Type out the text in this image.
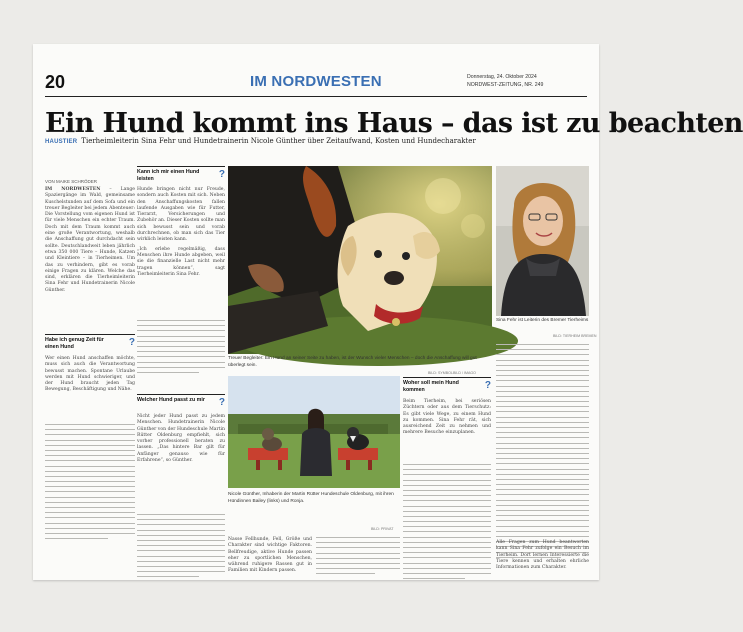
20	IM NORDWESTEN	Donnerstag, 24. Oktober 2024
NORDWEST-ZEITUNG, NR. 249
Ein Hund kommt ins Haus – das ist zu beachten
HAUSTIER Tierheimleiterin Sina Fehr und Hundetrainerin Nicole Günther über Zeitaufwand, Kosten und Hundecharakter
VON MAIKE SCHRÖDER

IM NORDWESTEN – Lange Spaziergänge im Wald, gemeinsame Kuschelstunden auf dem Sofa und ein treuer Begleiter bei jedem Abenteuer: Die Vorstellung vom eigenen Hund ist für viele Menschen ein echter Traum. Doch mit dem Traum kommt auch eine große Verantwortung, weshalb die Anschaffung gut durchdacht sein sollte. Deutschlandweit leben jährlich etwa 350 000 Tiere – Hunde, Katzen und Kleintiere – in Tierheimen. Um das zu verhindern, gibt es vorab einige Fragen zu klären. Welche das sind, erklären die Tierheimleiterin Sina Fehr und Hundetrainerin Nicole Günther.

Habe ich genug Zeit für einen Hund	?

Wer einen Hund anschaffen möchte, muss sich auch die Verantwortung bewusst machen. Spontane Urlaube werden mit Hund schwieriger, und der Hund braucht jeden Tag Bewegung, Beschäftigung und Nähe.

Kann ich mir einen Hund leisten	?

Hunde bringen nicht nur Freude, sondern auch Kosten mit sich. Neben den Anschaffungskosten fallen laufende Ausgaben wie für Futter, Tierarzt, Versicherungen und Zubehör an. Dieser Kosten sollte man sich bewusst sein und vorab durchrechnen, ob man sich das Tier wirklich leisten kann.

„Ich erlebe regelmäßig, dass Menschen ihre Hunde abgeben, weil sie die finanzielle Last nicht mehr tragen können“, sagt Tierheimleiterin Sina Fehr.

Treuer Begleiter: Ein Hund an seiner Seite zu haben, ist der Wunsch vieler Menschen – doch die Anschaffung will gut überlegt sein.
BILD: SYMBOLBILD / IMAGO
Sina Fehr ist Leiterin des Bremer Tierheims
BILD: TIERHEIM BREMEN

Alle Fragen zum Hund beantworten kann Sina Fehr zufolge ein Besuch im Tierheim. Dort lernen Interessierte die Tiere kennen und erhalten ehrliche Informationen zum Charakter.

Welcher Hund passt zu mir ?

Nicht jeder Hund passt zu jedem Menschen. Hundetrainerin Nicole Günther von der Hundeschule Martin Rütter Oldenburg empfiehlt, sich vorher professionell beraten zu lassen. „Das hintere Bar gilt für Anfänger genauso wie für Erfahrene“, so Günther.

Nicole Günther, Inhaberin der Martin Rütter Hundeschule Oldenburg, mit ihren Hündinnen Bailey (links) und Ronja.
BILD: PRIVAT

Nasse Fellhunde, Fell, Größe und Charakter sind wichtige Faktoren. Bellfreudige, aktive Hunde passen eher zu sportlichen Menschen, während ruhigere Rassen gut in Familien mit Kindern passen.

Woher soll mein Hund kommen	?

Beim Tierheim, bei seriösen Züchtern oder aus dem Tierschutz: Es gibt viele Wege, zu einem Hund zu kommen. Sina Fehr rät, sich ausreichend Zeit zu nehmen und mehrere Besuche einzuplanen.
